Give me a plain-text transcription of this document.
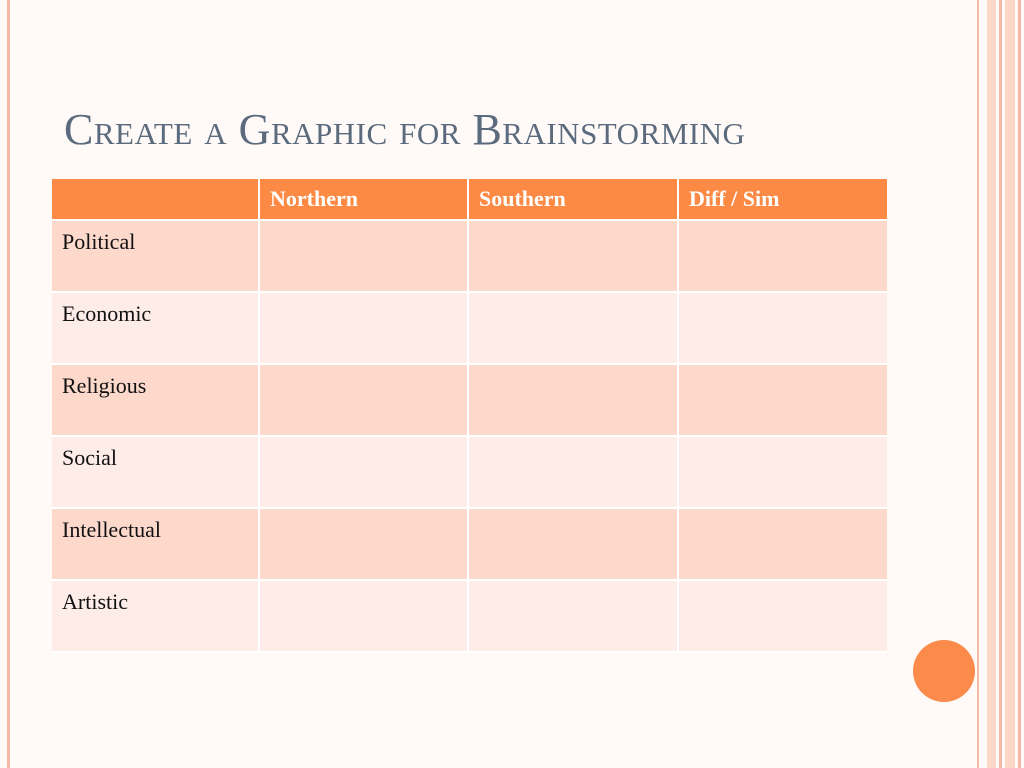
Create a Graphic for Brainstorming
	Northern	Southern	Diff / Sim
Political			
Economic			
Religious			
Social			
Intellectual			
Artistic			
